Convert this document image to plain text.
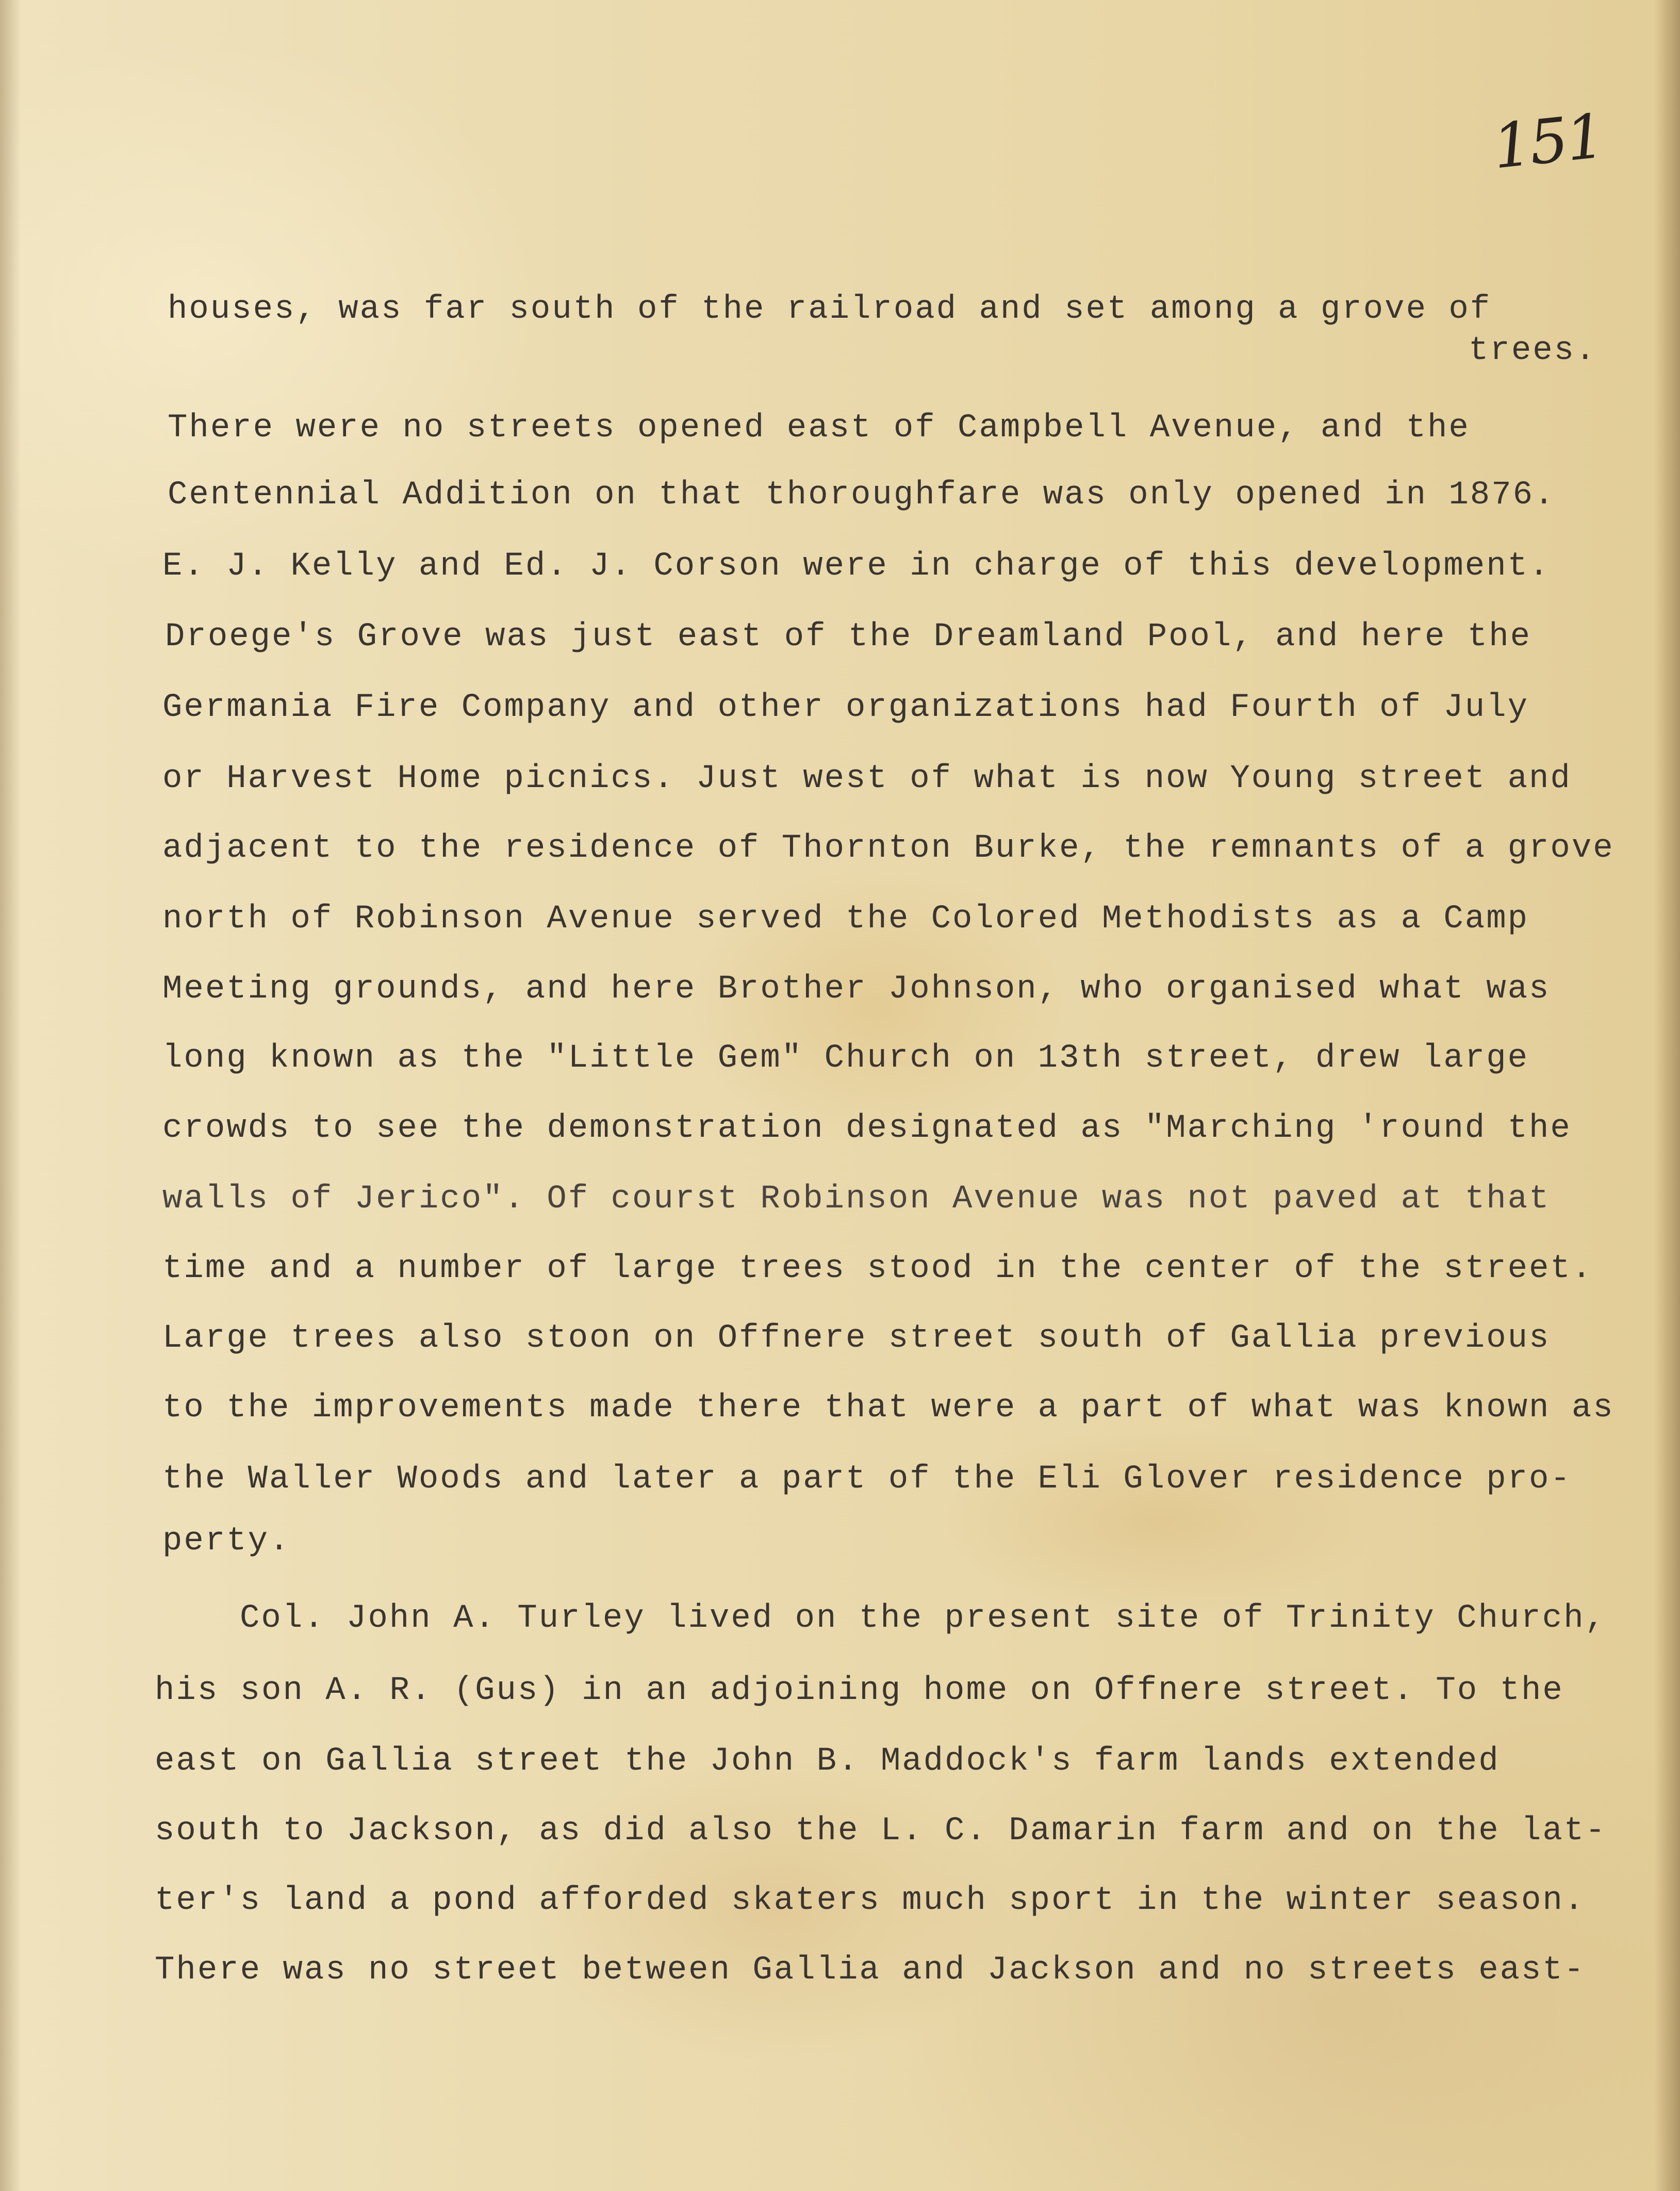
151
houses, was far south of the railroad and set among a grove of
trees.
There were no streets opened east of Campbell Avenue, and the
Centennial Addition on that thoroughfare was only opened in 1876.
E. J. Kelly and Ed. J. Corson were in charge of this development.
Droege's Grove was just east of the Dreamland Pool, and here the
Germania Fire Company and other organizations had Fourth of July
or Harvest Home picnics. Just west of what is now Young street and
adjacent to the residence of Thornton Burke, the remnants of a grove
north of Robinson Avenue served the Colored Methodists as a Camp
Meeting grounds, and here Brother Johnson, who organised what was
long known as the "Little Gem" Church on 13th street, drew large
crowds to see the demonstration designated as "Marching 'round the
walls of Jerico". Of courst Robinson Avenue was not paved at that
time and a number of large trees stood in the center of the street.
Large trees also stoon on Offnere street south of Gallia previous
to the improvements made there that were a part of what was known as
the Waller Woods and later a part of the Eli Glover residence pro-
perty.
Col. John A. Turley lived on the present site of Trinity Church,
his son A. R. (Gus) in an adjoining home on Offnere street. To the
east on Gallia street the John B. Maddock's farm lands extended
south to Jackson, as did also the L. C. Damarin farm and on the lat-
ter's land a pond afforded skaters much sport in the winter season.
There was no street between Gallia and Jackson and no streets east-
